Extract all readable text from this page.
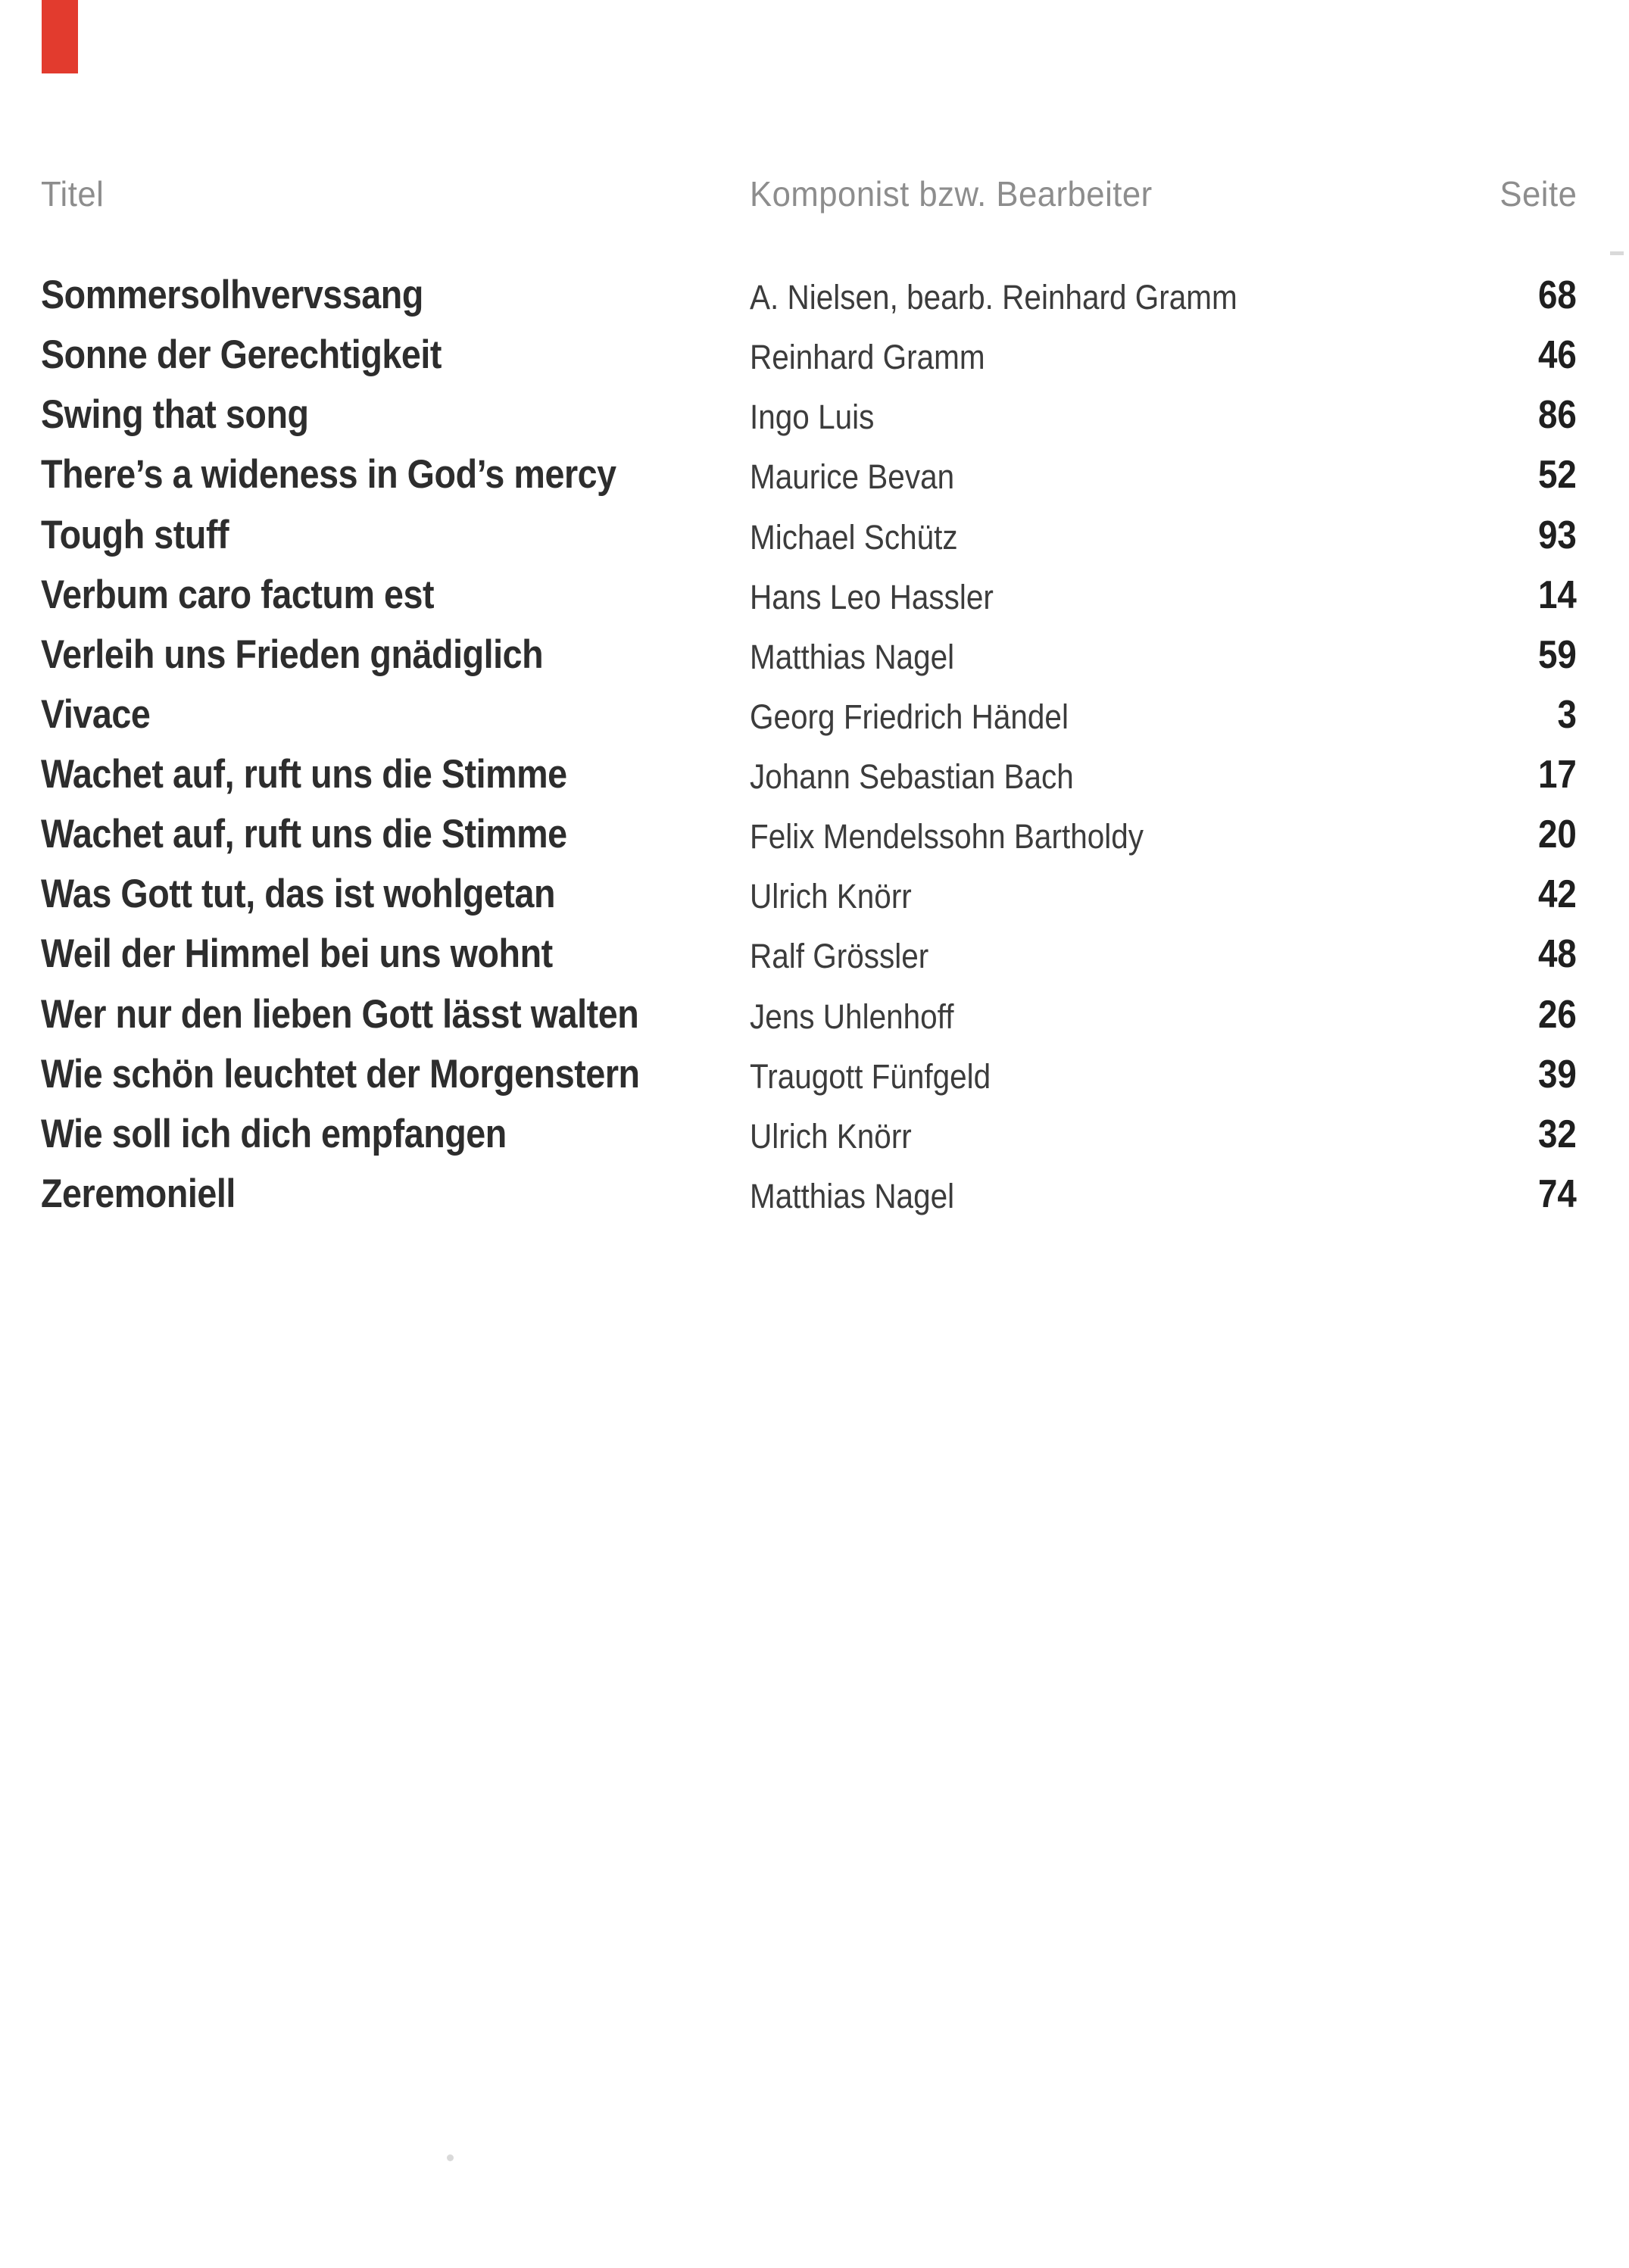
Titel	Komponist bzw. Bearbeiter	Seite
Sommersolhvervssang	A. Nielsen, bearb. Reinhard Gramm	68
Sonne der Gerechtigkeit	Reinhard Gramm	46
Swing that song	Ingo Luis	86
There’s a wideness in God’s mercy	Maurice Bevan	52
Tough stuff	Michael Schütz	93
Verbum caro factum est	Hans Leo Hassler	14
Verleih uns Frieden gnädiglich	Matthias Nagel	59
Vivace	Georg Friedrich Händel	3
Wachet auf, ruft uns die Stimme	Johann Sebastian Bach	17
Wachet auf, ruft uns die Stimme	Felix Mendelssohn Bartholdy	20
Was Gott tut, das ist wohlgetan	Ulrich Knörr	42
Weil der Himmel bei uns wohnt	Ralf Grössler	48
Wer nur den lieben Gott lässt walten	Jens Uhlenhoff	26
Wie schön leuchtet der Morgenstern	Traugott Fünfgeld	39
Wie soll ich dich empfangen	Ulrich Knörr	32
Zeremoniell	Matthias Nagel	74
